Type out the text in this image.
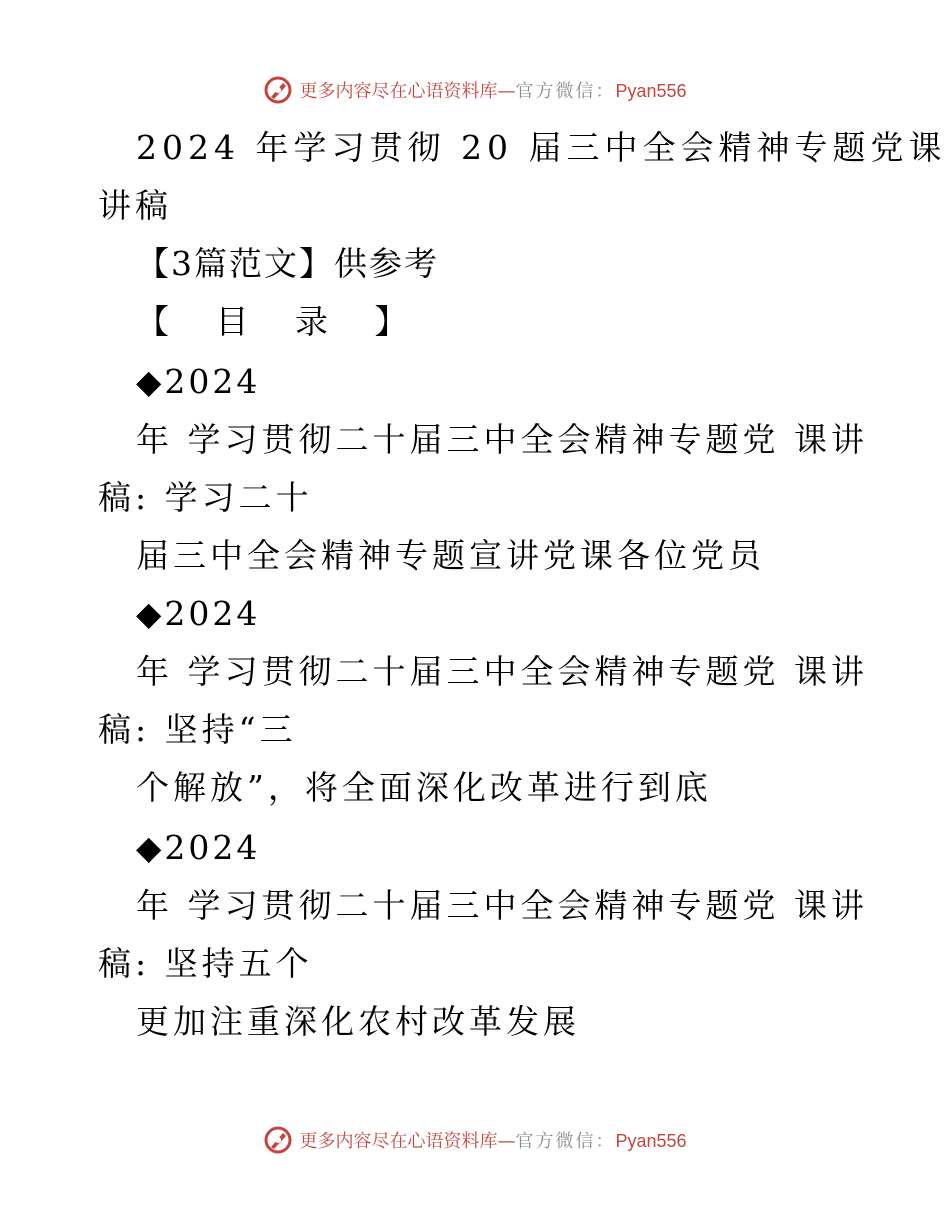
更多内容尽在心语资料库—官方微信：Pyan556
2024 年学习贯彻 20 届三中全会精神专题党课
讲稿
【3篇范文】供参考
【 目 录 】
◆2024
年 学习贯彻二十届三中全会精神专题党 课讲
稿: 学习二十
届三中全会精神专题宣讲党课各位党员
◆2024
年 学习贯彻二十届三中全会精神专题党 课讲
稿: 坚持“三
个解放”，将全面深化改革进行到底
◆2024
年 学习贯彻二十届三中全会精神专题党 课讲
稿: 坚持五个
更加注重深化农村改革发展
更多内容尽在心语资料库—官方微信：Pyan556
